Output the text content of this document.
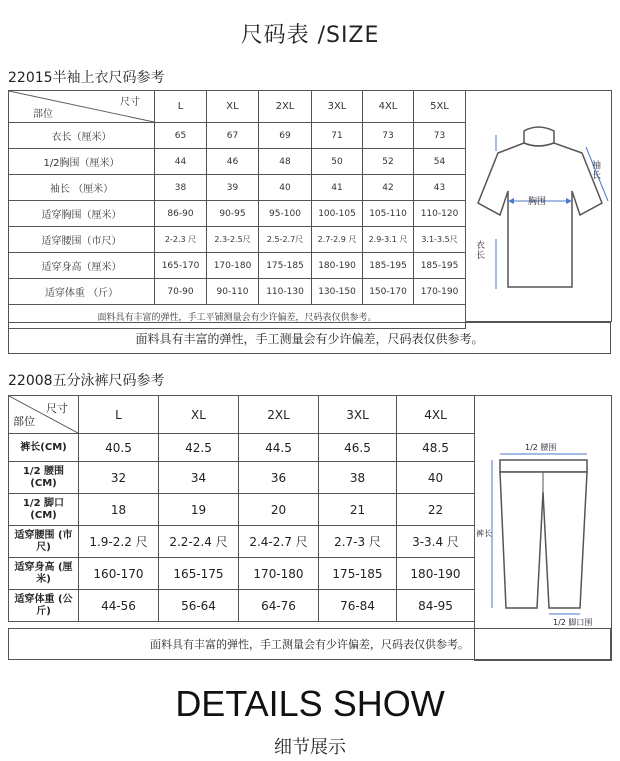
尺码表 /SIZE
22015半袖上衣尺码参考
尺寸
部位	L	XL	2XL	3XL	4XL	5XL
衣长（厘米）	65	67	69	71	73	73
1/2胸围（厘米）	44	46	48	50	52	54
袖长 （厘米）	38	39	40	41	42	43
适穿胸围（厘米）	86-90	90-95	95-100	100-105	105-110	110-120
适穿腰围（市尺）	2-2.3 尺	2.3-2.5尺	2.5-2.7尺	2.7-2.9 尺	2.9-3.1 尺	3.1-3.5尺
适穿身高（厘米）	165-170	170-180	175-185	180-190	185-195	185-195
适穿体重 （斤）	70-90	90-110	110-130	130-150	150-170	170-190
面料具有丰富的弹性，手工平铺测量会有少许偏差，尺码表仅供参考。						
胸围
袖长
衣长
面料具有丰富的弹性，手工测量会有少许偏差，尺码表仅供参考。
22008五分泳裤尺码参考
尺寸
部位	L	XL	2XL	3XL	4XL
裤长(CM)	40.5	42.5	44.5	46.5	48.5
1/2 腰围 (CM)	32	34	36	38	40
1/2 脚口 (CM)	18	19	20	21	22
适穿腰围 (市尺)	1.9-2.2 尺	2.2-2.4 尺	2.4-2.7 尺	2.7-3 尺	3-3.4 尺
适穿身高 (厘米)	160-170	165-175	170-180	175-185	180-190
适穿体重 (公斤)	44-56	56-64	64-76	76-84	84-95
1/2 腰围
裤长
1/2 脚口围
面料具有丰富的弹性，手工测量会有少许偏差，尺码表仅供参考。
DETAILS SHOW
细节展示
